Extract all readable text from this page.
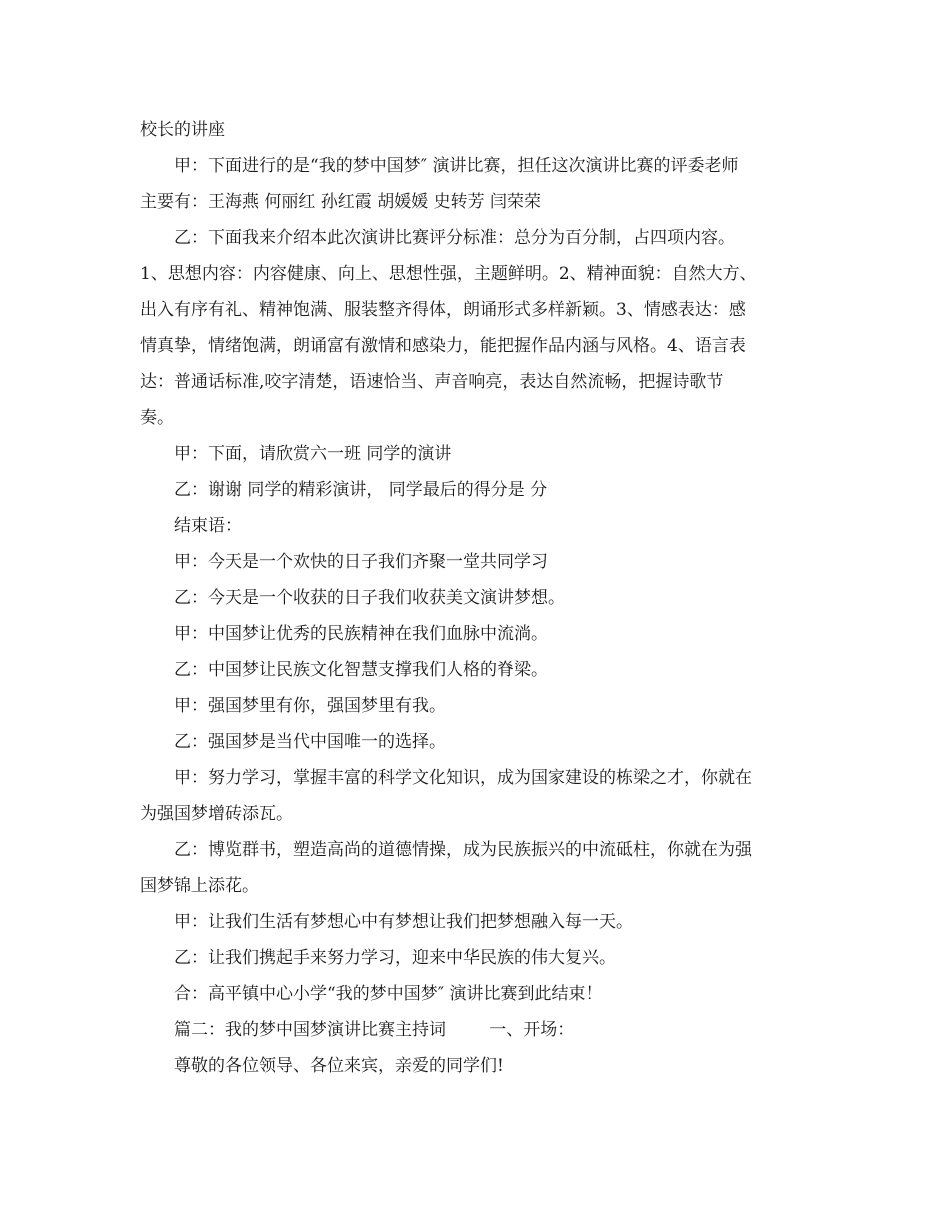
校长的讲座
甲：下面进行的是“我的梦中国梦″ 演讲比赛，担任这次演讲比赛的评委老师
主要有：王海燕 何丽红 孙红霞 胡媛媛 史转芳 闫荣荣
乙：下面我来介绍本此次演讲比赛评分标准：总分为百分制，占四项内容。
1、思想内容：内容健康、向上、思想性强，主题鲜明。2、精神面貌：自然大方、
出入有序有礼、精神饱满、服装整齐得体，朗诵形式多样新颖。3、情感表达：感
情真挚，情绪饱满，朗诵富有激情和感染力，能把握作品内涵与风格。4、语言表
达：普通话标准,咬字清楚，语速恰当、声音响亮，表达自然流畅，把握诗歌节
奏。
甲：下面，请欣赏六一班 同学的演讲
乙：谢谢 同学的精彩演讲， 同学最后的得分是 分
结束语：
甲：今天是一个欢快的日子我们齐聚一堂共同学习
乙：今天是一个收获的日子我们收获美文演讲梦想。
甲：中国梦让优秀的民族精神在我们血脉中流淌。
乙：中国梦让民族文化智慧支撑我们人格的脊梁。
甲：强国梦里有你，强国梦里有我。
乙：强国梦是当代中国唯一的选择。
甲：努力学习，掌握丰富的科学文化知识，成为国家建设的栋梁之才，你就在
为强国梦增砖添瓦。
乙：博览群书，塑造高尚的道德情操，成为民族振兴的中流砥柱，你就在为强
国梦锦上添花。
甲：让我们生活有梦想心中有梦想让我们把梦想融入每一天。
乙：让我们携起手来努力学习，迎来中华民族的伟大复兴。
合：高平镇中心小学“我的梦中国梦″ 演讲比赛到此结束！
篇二：我的梦中国梦演讲比赛主持词        一、开场：
尊敬的各位领导、各位来宾，亲爱的同学们!
